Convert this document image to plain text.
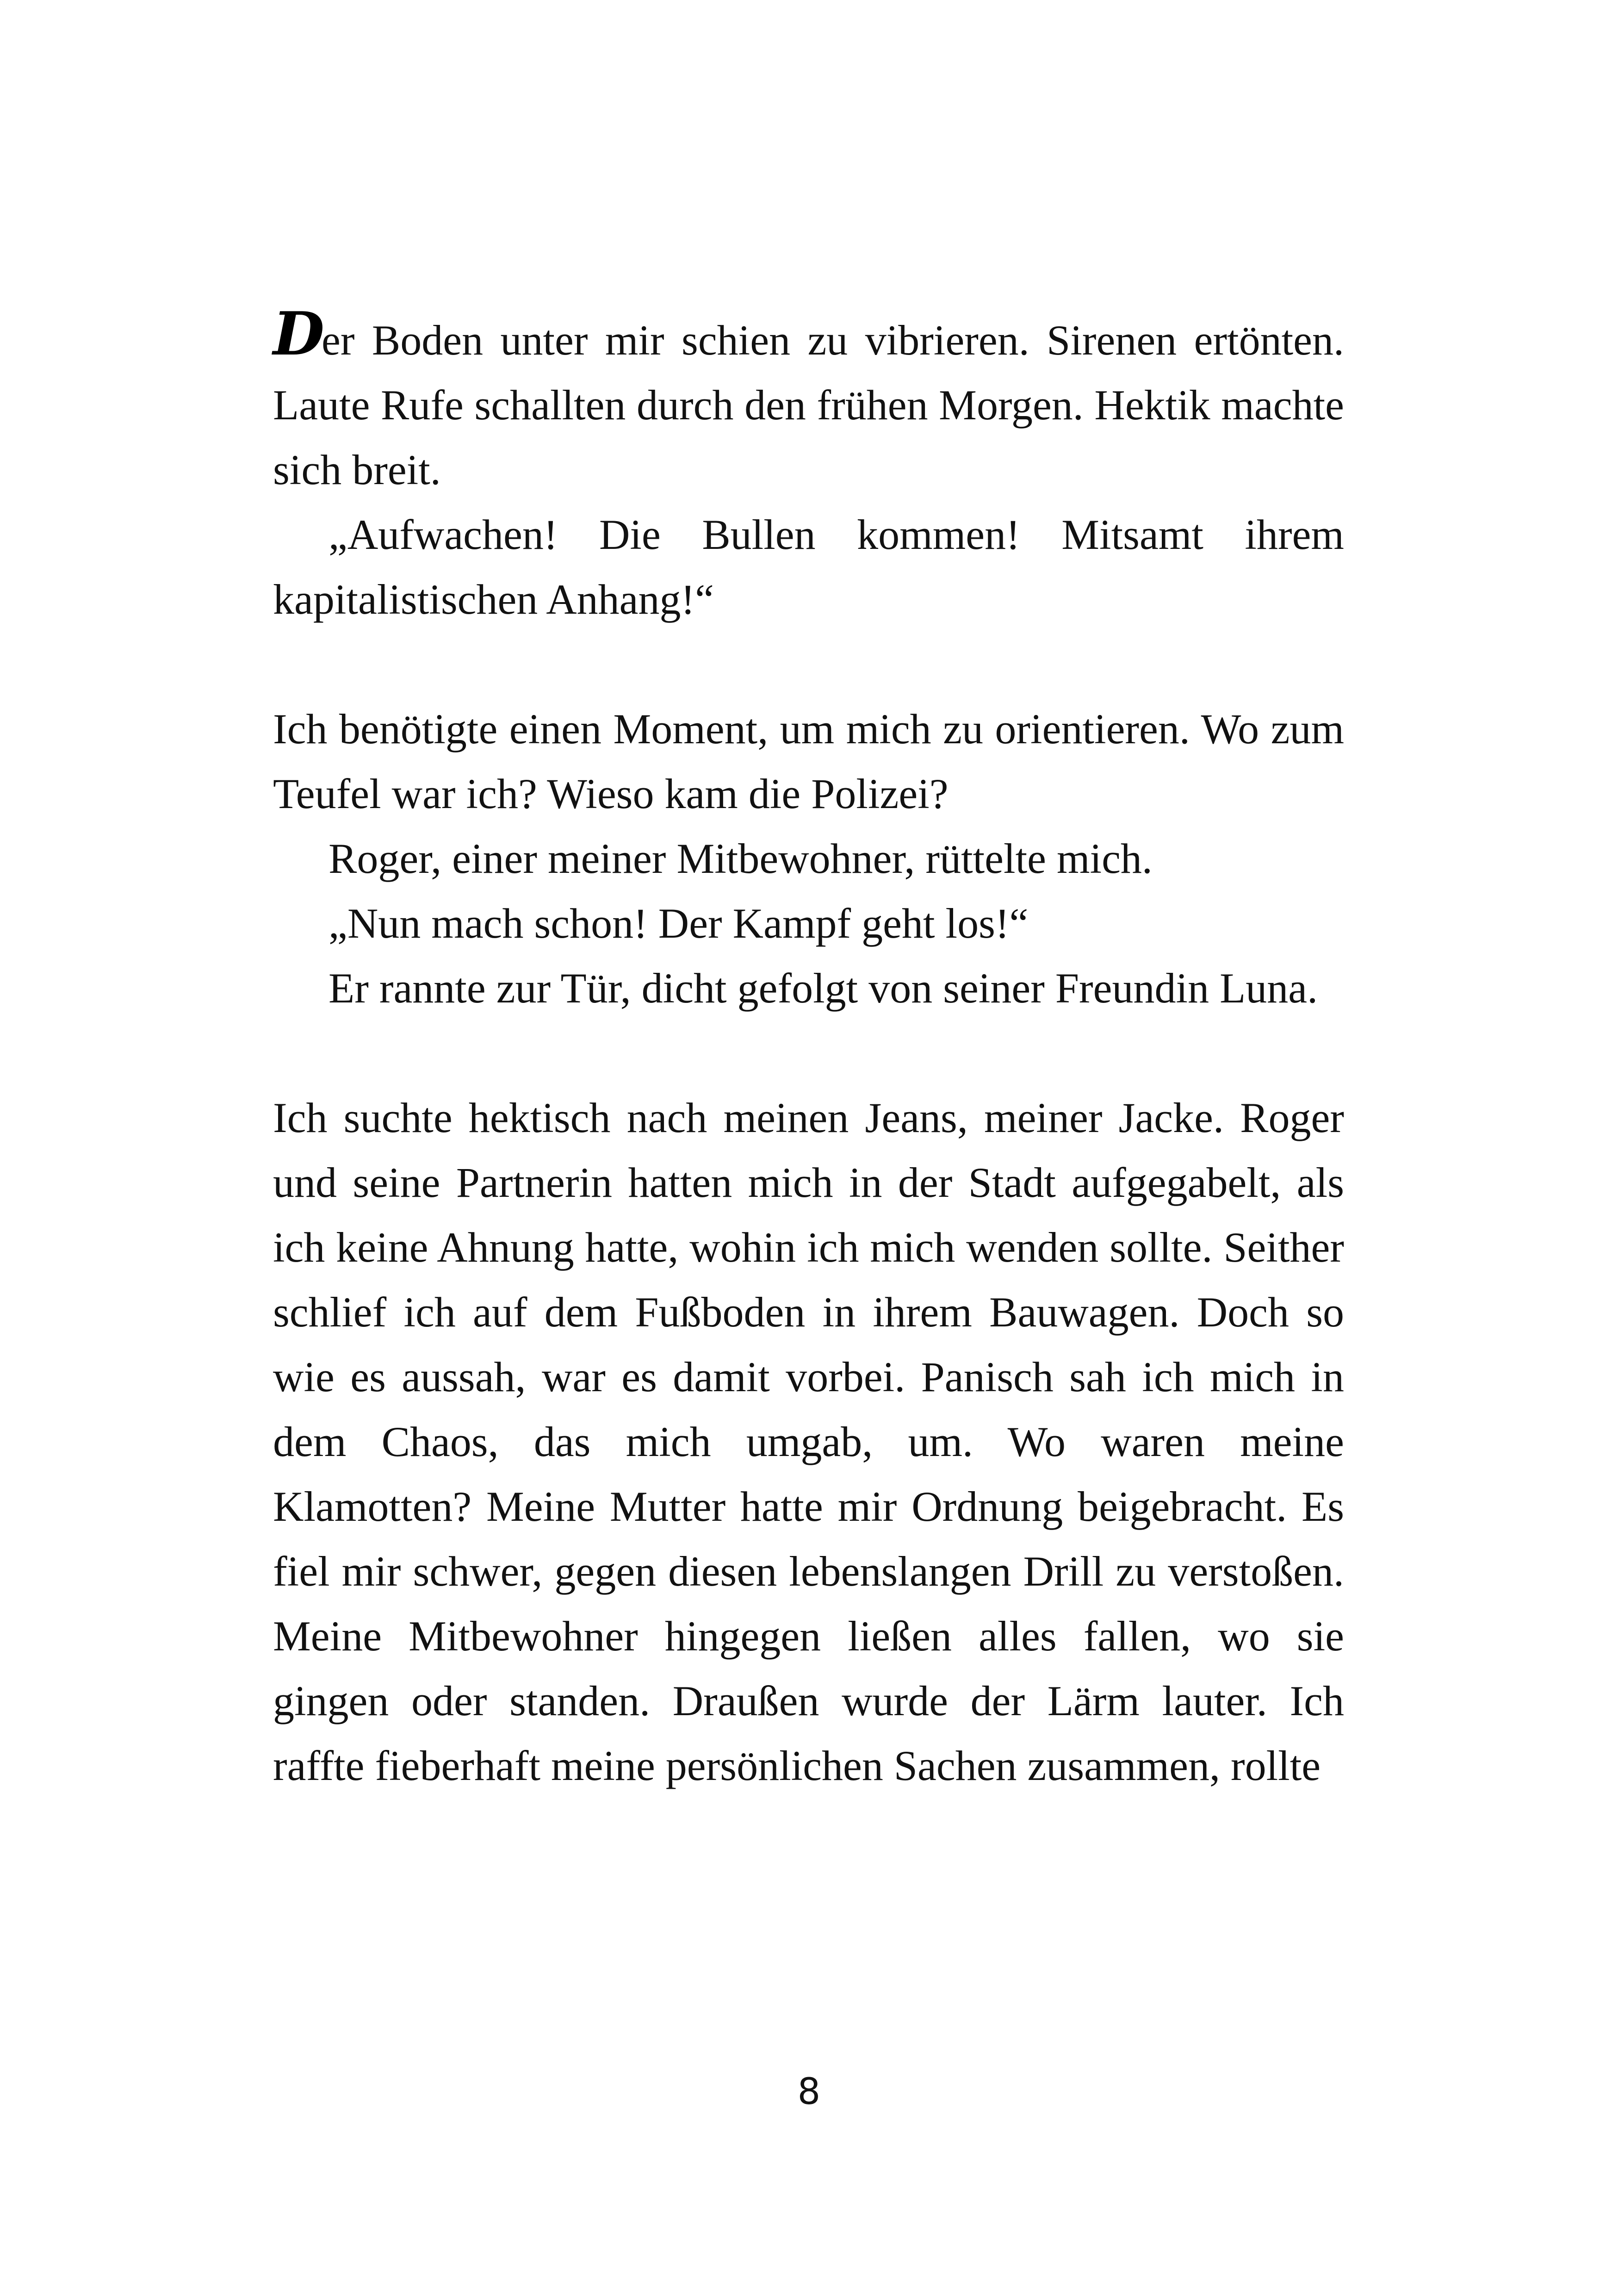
Der Boden unter mir schien zu vibrieren. Sirenen ertönten. Laute Rufe schallten durch den frühen Morgen. Hektik machte sich breit.

„Aufwachen! Die Bullen kommen! Mitsamt ihrem kapitalistischen Anhang!“

Ich benötigte einen Moment, um mich zu orientieren. Wo zum Teufel war ich? Wieso kam die Polizei?

Roger, einer meiner Mitbewohner, rüttelte mich.

„Nun mach schon! Der Kampf geht los!“

Er rannte zur Tür, dicht gefolgt von seiner Freundin Luna.

Ich suchte hektisch nach meinen Jeans, meiner Jacke. Roger und seine Partnerin hatten mich in der Stadt aufgegabelt, als ich keine Ahnung hatte, wohin ich mich wenden sollte. Seither schlief ich auf dem Fußboden in ihrem Bauwagen. Doch so wie es aussah, war es damit vorbei. Panisch sah ich mich in dem Chaos, das mich umgab, um. Wo waren meine Klamotten? Meine Mutter hatte mir Ordnung beigebracht. Es fiel mir schwer, gegen diesen lebenslangen Drill zu verstoßen. Meine Mitbewohner hingegen ließen alles fallen, wo sie gingen oder standen. Draußen wurde der Lärm lauter. Ich raffte fieberhaft meine persönlichen Sachen zusammen, rollte

8
